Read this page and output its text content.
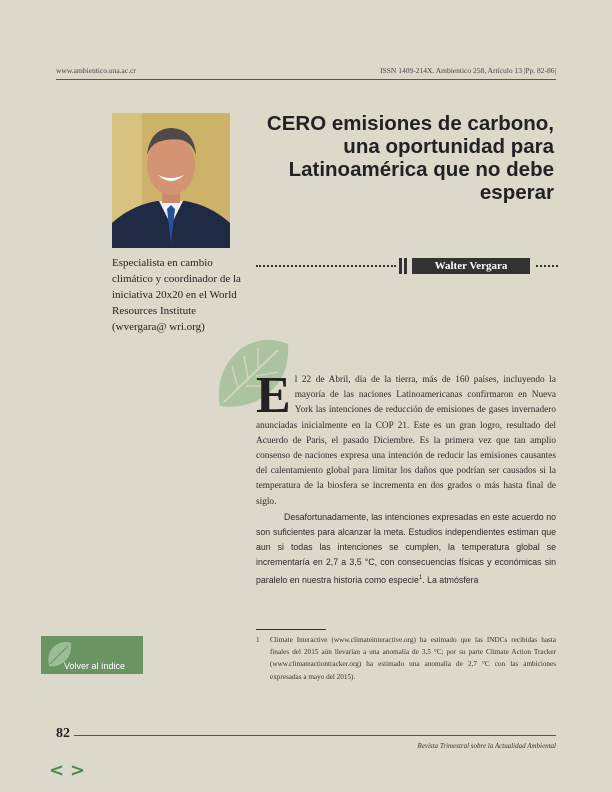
www.ambientico.una.ac.cr	ISSN 1409-214X. Ambientico 258, Artículo 13 |Pp. 82-86|
CERO emisiones de carbono, una oportunidad para Latinoamérica que no debe esperar
Especialista en cambio climático y coordinador de la iniciativa 20x20 en el World Resources Institute (wvergara@ wri.org)
Walter Vergara

El 22 de Abril, día de la tierra, más de 160 países, incluyendo la mayoría de las naciones Latinoamericanas confirmaron en Nueva York las intenciones de reducción de emisiones de gases invernadero anunciadas inicialmente en la COP 21. Este es un gran logro, resultado del Acuerdo de Paris, el pasado Diciembre. Es la primera vez que tan amplio consenso de naciones expresa una intención de reducir las emisiones causantes del calentamiento global para limitar los daños que podrían ser causados si la temperatura de la biosfera se incrementa en dos grados o más hasta final de siglo.

Desafortunadamente, las intenciones expresadas en este acuerdo no son suficientes para alcanzar la meta. Estudios independientes estiman que aun si todas las intenciones se cumplen, la temperatura global se incrementaría en 2,7 a 3,5 °C, con consecuencias físicas y económicas sin paralelo en nuestra historia como especie$^1$. La atmósfera

1 Climate Interactive (www.climateinteractive.org) ha estimado que las INDCs recibidas hasta finales del 2015 aún llevarían a una anomalía de 3,5 °C; por su parte Climate Action Tracker (www.climateactiontracker.org) ha estimado una anomalía de 2,7 °C con las ambiciones expresadas a mayo del 2015).
Volver al índice
82
Revista Trimestral sobre la Actualidad Ambiental
< >
